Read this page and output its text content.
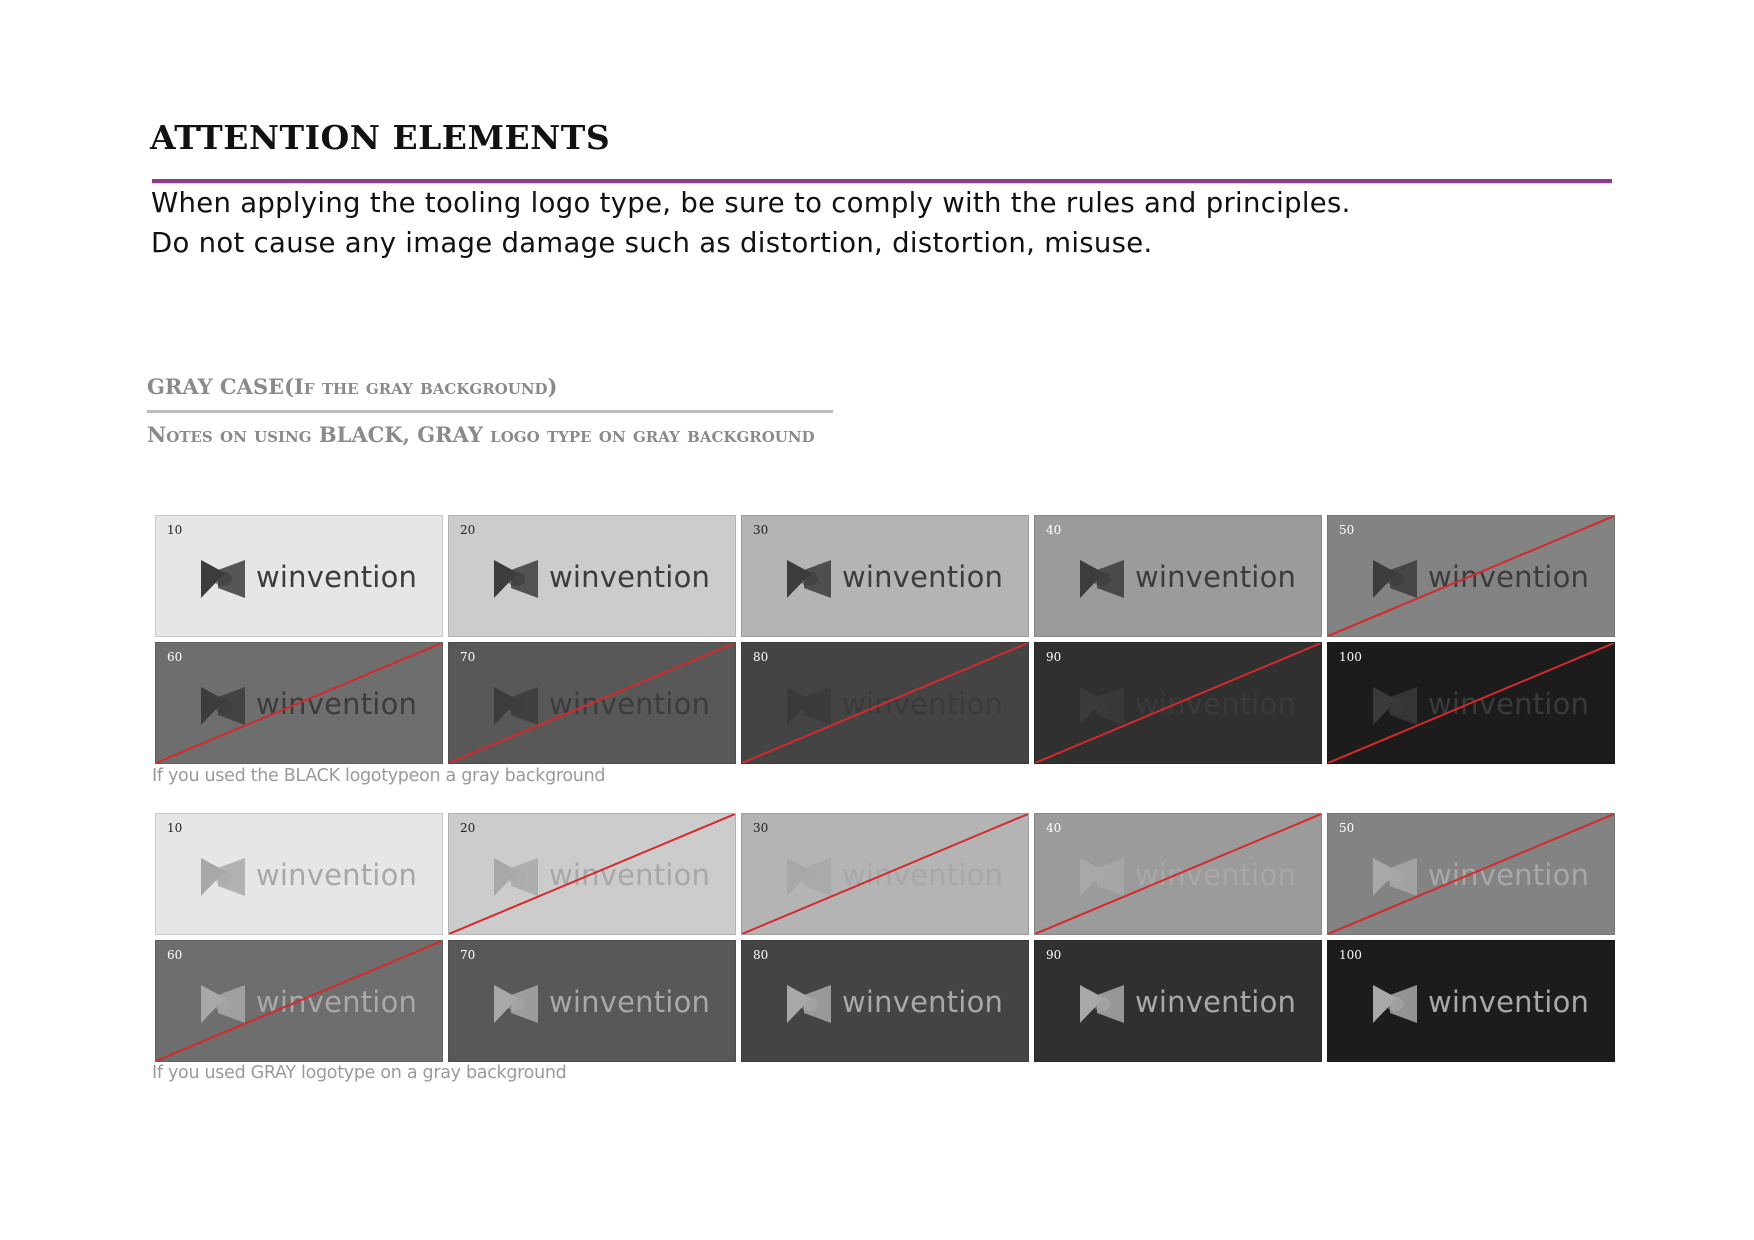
ATTENTION ELEMENTS

When applying the tooling logo type, be sure to comply with the rules and principles.

Do not cause any image damage such as distortion, distortion, misuse.

GRAY CASE(If the gray background)
Notes on using BLACK, GRAY logo type on gray background
10
winvention
20
winvention
30
winvention
40
winvention
50
winvention
60
winvention
70
winvention
80
winvention
90
winvention
100
winvention

If you used the BLACK logotypeon a gray background

10
winvention
20
winvention
30
winvention
40
winvention
50
winvention
60
winvention
70
winvention
80
winvention
90
winvention
100
winvention

If you used GRAY logotype on a gray background
